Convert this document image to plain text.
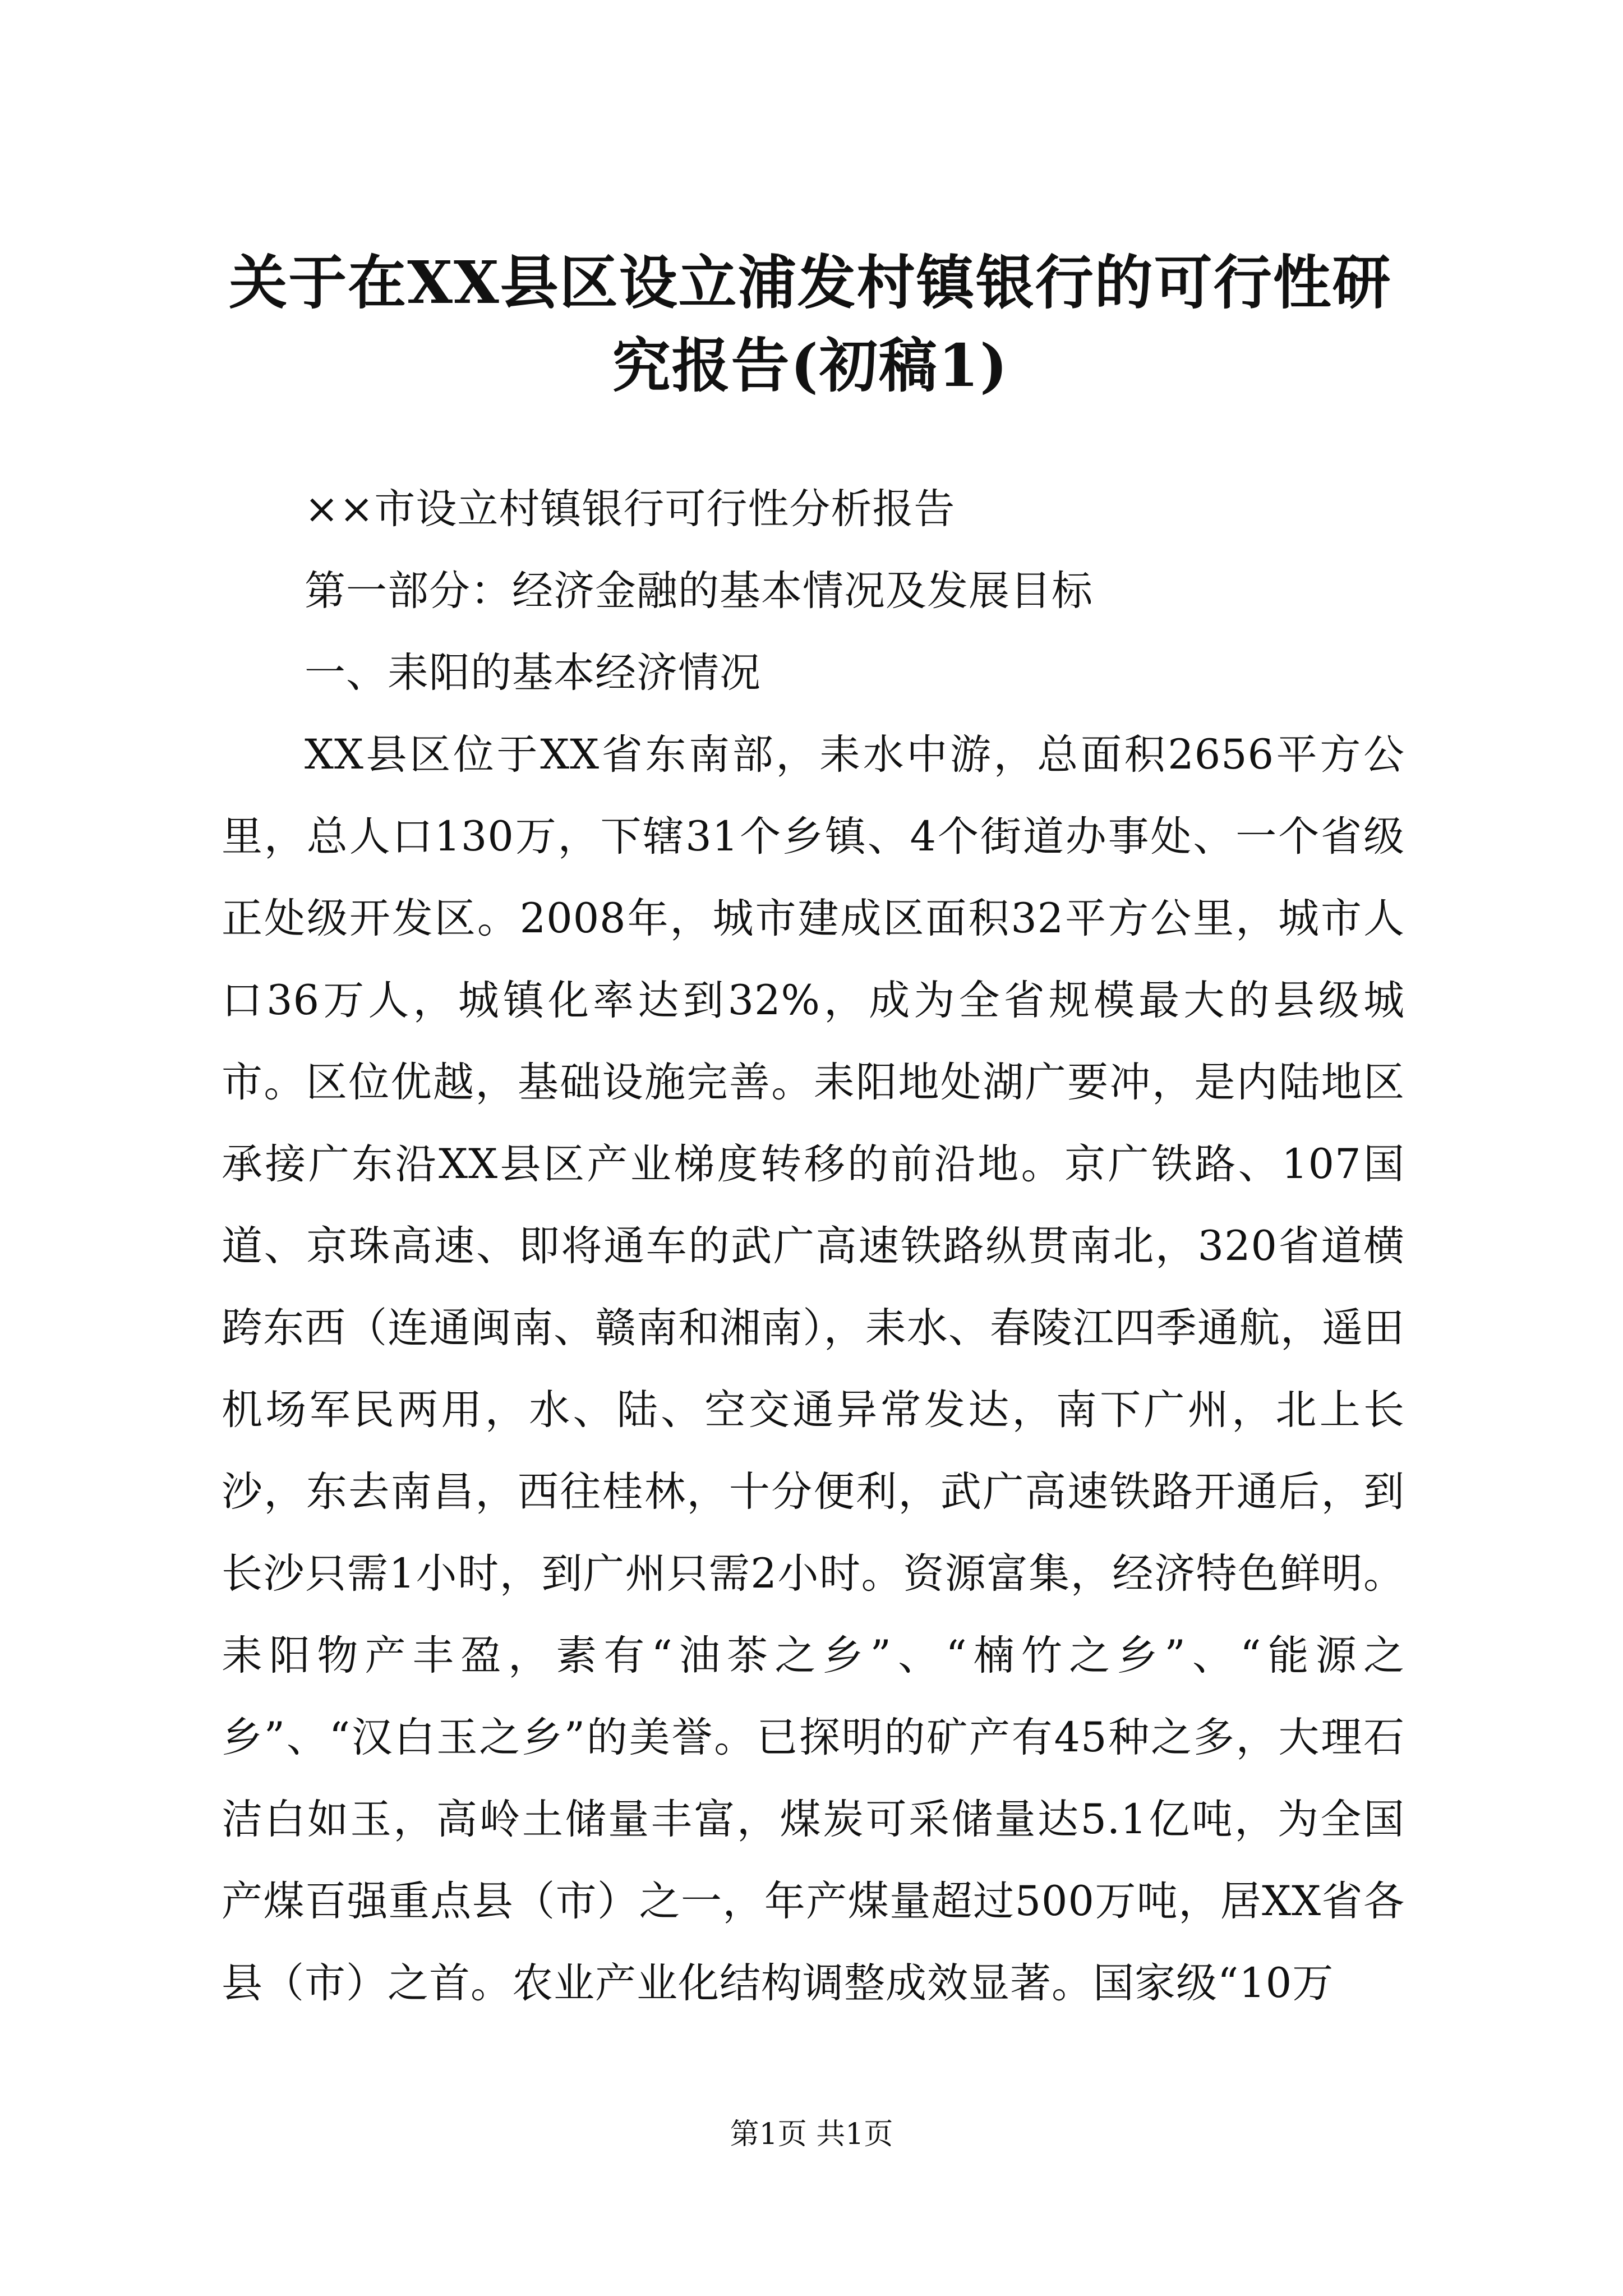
关于在XX县区设立浦发村镇银行的可行性研
究报告(初稿1)

××市设立村镇银行可行性分析报告

第一部分：经济金融的基本情况及发展目标

一、耒阳的基本经济情况

XX县区位于XX省东南部，耒水中游，总面积2656平方公里，总人口130万，下辖31个乡镇、4个街道办事处、一个省级正处级开发区。2008年，城市建成区面积32平方公里，城市人口36万人，城镇化率达到32%，成为全省规模最大的县级城市。区位优越，基础设施完善。耒阳地处湖广要冲，是内陆地区承接广东沿XX县区产业梯度转移的前沿地。京广铁路、107国道、京珠高速、即将通车的武广高速铁路纵贯南北，320省道横跨东西（连通闽南、赣南和湘南），耒水、春陵江四季通航，遥田机场军民两用，水、陆、空交通异常发达，南下广州，北上长沙，东去南昌，西往桂林，十分便利，武广高速铁路开通后，到长沙只需1小时，到广州只需2小时。资源富集，经济特色鲜明。耒阳物产丰盈，素有“油茶之乡”、“楠竹之乡”、“能源之乡”、“汉白玉之乡”的美誉。已探明的矿产有45种之多，大理石洁白如玉，高岭土储量丰富，煤炭可采储量达5.1亿吨，为全国产煤百强重点县（市）之一，年产煤量超过500万吨，居XX省各县（市）之首。农业产业化结构调整成效显著。国家级“10万

第1页 共1页
